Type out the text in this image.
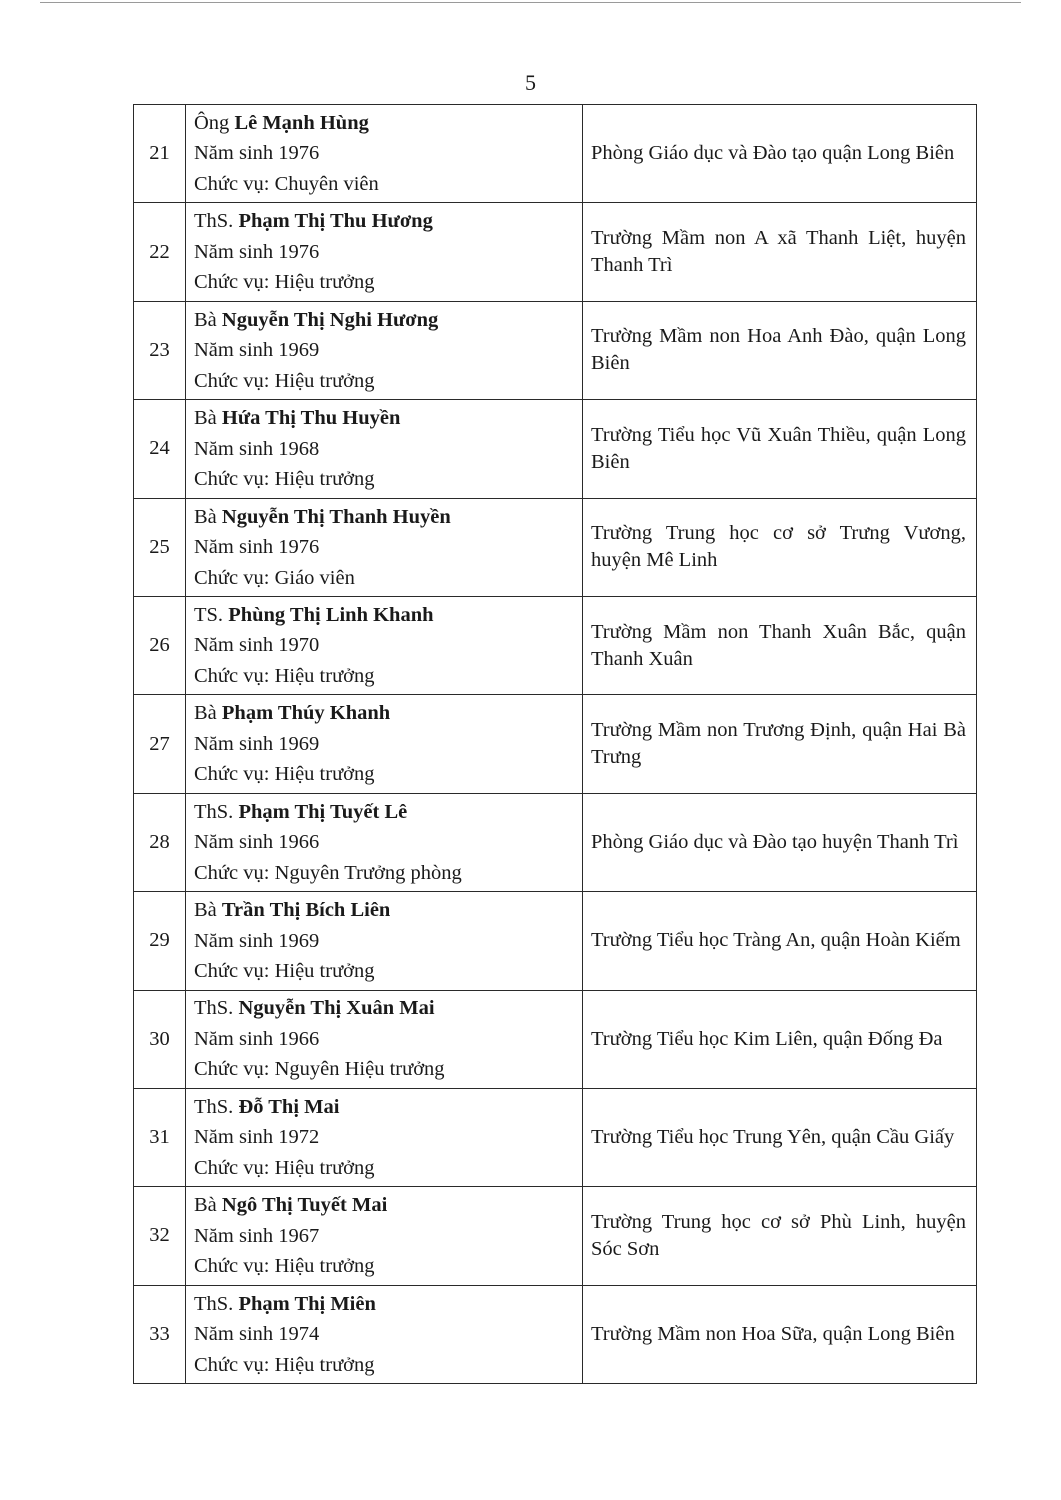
5
21	Ông Lê Mạnh Hùng
Năm sinh 1976
Chức vụ: Chuyên viên	Phòng Giáo dục và Đào tạo quận Long Biên
22	ThS. Phạm Thị Thu Hương
Năm sinh 1976
Chức vụ: Hiệu trưởng	Trường Mầm non A xã Thanh Liệt, huyện Thanh Trì
23	Bà Nguyễn Thị Nghi Hương
Năm sinh 1969
Chức vụ: Hiệu trưởng	Trường Mầm non Hoa Anh Đào, quận Long Biên
24	Bà Hứa Thị Thu Huyền
Năm sinh 1968
Chức vụ: Hiệu trưởng	Trường Tiểu học Vũ Xuân Thiều, quận Long Biên
25	Bà Nguyễn Thị Thanh Huyền
Năm sinh 1976
Chức vụ: Giáo viên	Trường Trung học cơ sở Trưng Vương, huyện Mê Linh
26	TS. Phùng Thị Linh Khanh
Năm sinh 1970
Chức vụ: Hiệu trưởng	Trường Mầm non Thanh Xuân Bắc, quận Thanh Xuân
27	Bà Phạm Thúy Khanh
Năm sinh 1969
Chức vụ: Hiệu trưởng	Trường Mầm non Trương Định, quận Hai Bà Trưng
28	ThS. Phạm Thị Tuyết Lê
Năm sinh 1966
Chức vụ: Nguyên Trưởng phòng	Phòng Giáo dục và Đào tạo huyện Thanh Trì
29	Bà Trần Thị Bích Liên
Năm sinh 1969
Chức vụ: Hiệu trưởng	Trường Tiểu học Tràng An, quận Hoàn Kiếm
30	ThS. Nguyễn Thị Xuân Mai
Năm sinh 1966
Chức vụ: Nguyên Hiệu trưởng	Trường Tiểu học Kim Liên, quận Đống Đa
31	ThS. Đỗ Thị Mai
Năm sinh 1972
Chức vụ: Hiệu trưởng	Trường Tiểu học Trung Yên, quận Cầu Giấy
32	Bà Ngô Thị Tuyết Mai
Năm sinh 1967
Chức vụ: Hiệu trưởng	Trường Trung học cơ sở Phù Linh, huyện Sóc Sơn
33	ThS. Phạm Thị Miên
Năm sinh 1974
Chức vụ: Hiệu trưởng	Trường Mầm non Hoa Sữa, quận Long Biên
